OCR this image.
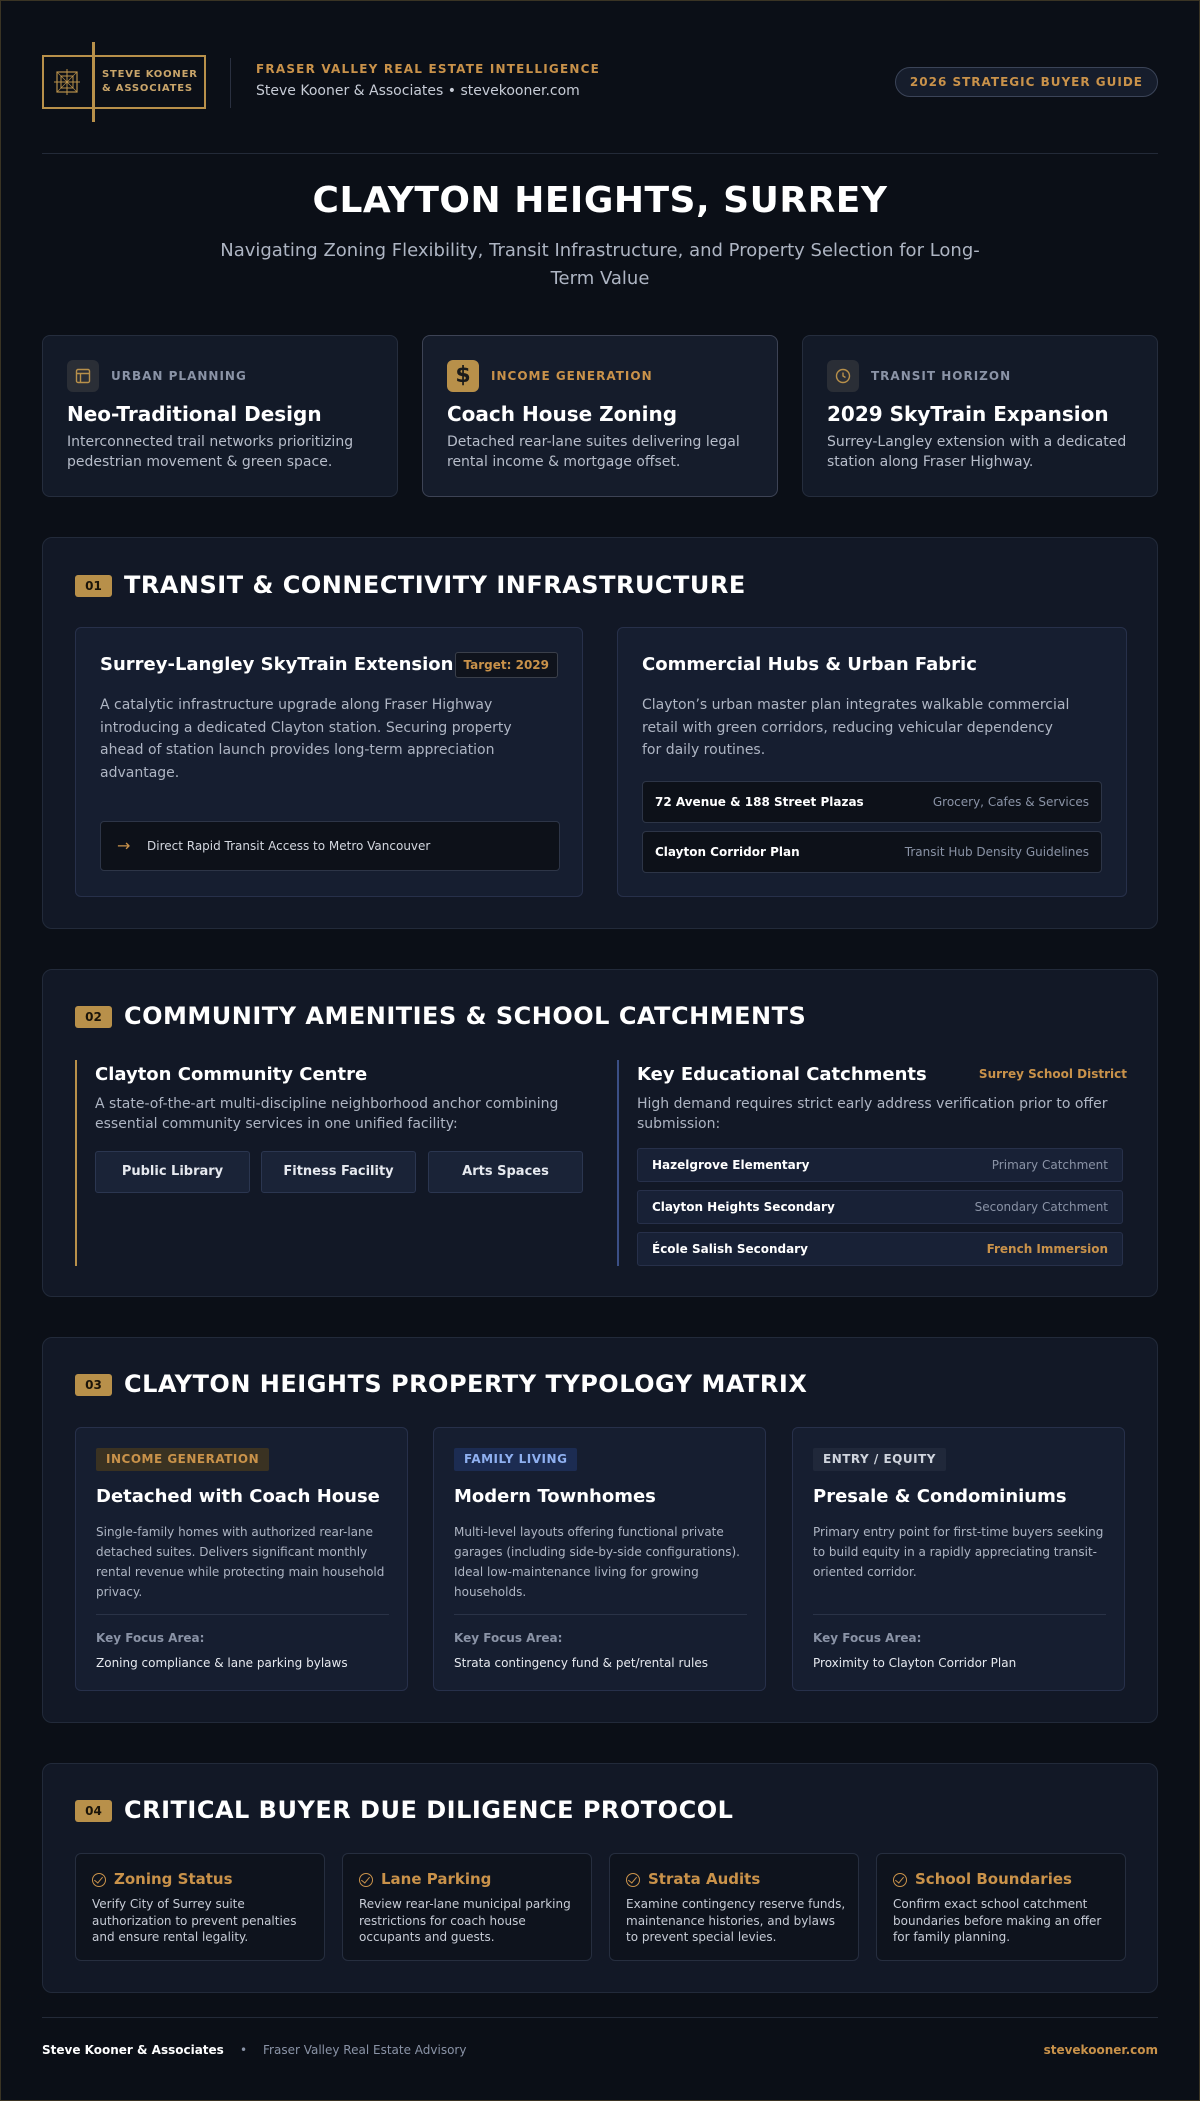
STEVE KOONER
& ASSOCIATES
FRASER VALLEY REAL ESTATE INTELLIGENCE
Steve Kooner & Associates • stevekooner.com
2026 STRATEGIC BUYER GUIDE
CLAYTON HEIGHTS, SURREY
Navigating Zoning Flexibility, Transit Infrastructure, and Property Selection for Long-Term Value
URBAN PLANNING
Neo-Traditional Design
Interconnected trail networks prioritizing pedestrian movement & green space.
$	INCOME GENERATION
Coach House Zoning
Detached rear-lane suites delivering legal rental income & mortgage offset.
TRANSIT HORIZON
2029 SkyTrain Expansion
Surrey-Langley extension with a dedicated station along Fraser Highway.
01 TRANSIT & CONNECTIVITY INFRASTRUCTURE
Surrey-Langley SkyTrain Extension Target: 2029
A catalytic infrastructure upgrade along Fraser Highway introducing a dedicated Clayton station. Securing property ahead of station launch provides long-term appreciation advantage.
→ Direct Rapid Transit Access to Metro Vancouver
Commercial Hubs & Urban Fabric
Clayton’s urban master plan integrates walkable commercial retail with green corridors, reducing vehicular dependency for daily routines.
72 Avenue & 188 Street Plazas	Grocery, Cafes & Services
Clayton Corridor Plan	Transit Hub Density Guidelines
02 COMMUNITY AMENITIES & SCHOOL CATCHMENTS
Clayton Community Centre
A state-of-the-art multi-discipline neighborhood anchor combining essential community services in one unified facility:
Public Library	Fitness Facility	Arts Spaces
Key Educational Catchments	Surrey School District
High demand requires strict early address verification prior to offer submission:
Hazelgrove Elementary	Primary Catchment
Clayton Heights Secondary	Secondary Catchment
École Salish Secondary	French Immersion
03 CLAYTON HEIGHTS PROPERTY TYPOLOGY MATRIX
INCOME GENERATION
Detached with Coach House
Single-family homes with authorized rear-lane detached suites. Delivers significant monthly rental revenue while protecting main household privacy.
Key Focus Area:
Zoning compliance & lane parking bylaws
FAMILY LIVING
Modern Townhomes
Multi-level layouts offering functional private garages (including side-by-side configurations). Ideal low-maintenance living for growing households.
Key Focus Area:
Strata contingency fund & pet/rental rules
ENTRY / EQUITY
Presale & Condominiums
Primary entry point for first-time buyers seeking to build equity in a rapidly appreciating transit-oriented corridor.
Key Focus Area:
Proximity to Clayton Corridor Plan
04 CRITICAL BUYER DUE DILIGENCE PROTOCOL
Zoning Status
Verify City of Surrey suite authorization to prevent penalties and ensure rental legality.
Lane Parking
Review rear-lane municipal parking restrictions for coach house occupants and guests.
Strata Audits
Examine contingency reserve funds, maintenance histories, and bylaws to prevent special levies.
School Boundaries
Confirm exact school catchment boundaries before making an offer for family planning.
Steve Kooner & Associates • Fraser Valley Real Estate Advisory	stevekooner.com
